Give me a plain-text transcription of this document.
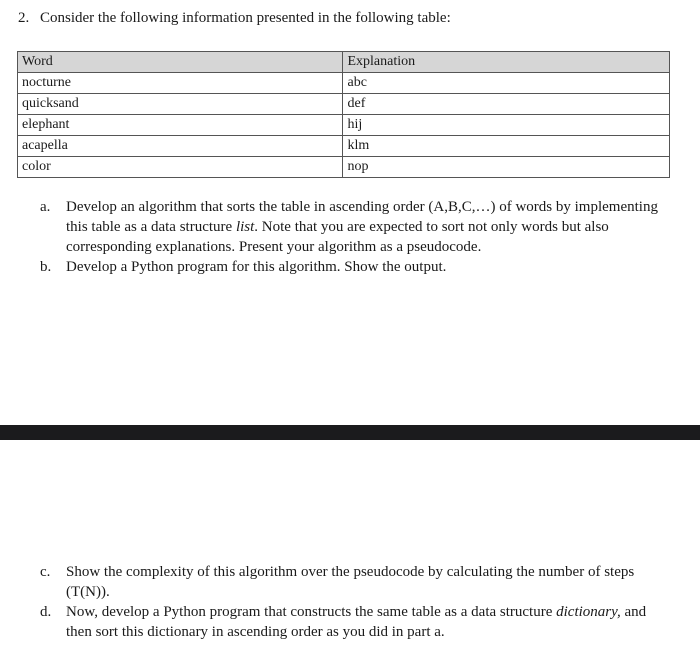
2. Consider the following information presented in the following table:
Word	Explanation
nocturne	abc
quicksand	def
elephant	hij
acapella	klm
color	nop

a.	Develop an algorithm that sorts the table in ascending order (A,B,C,…) of words by implementing this table as a data structure list. Note that you are expected to sort not only words but also corresponding explanations. Present your algorithm as a pseudocode.

b. Develop a Python program for this algorithm. Show the output.

c.	Show the complexity of this algorithm over the pseudocode by calculating the number of steps (T(N)).

d. Now, develop a Python program that constructs the same table as a data structure dictionary, and then sort this dictionary in ascending order as you did in part a.
